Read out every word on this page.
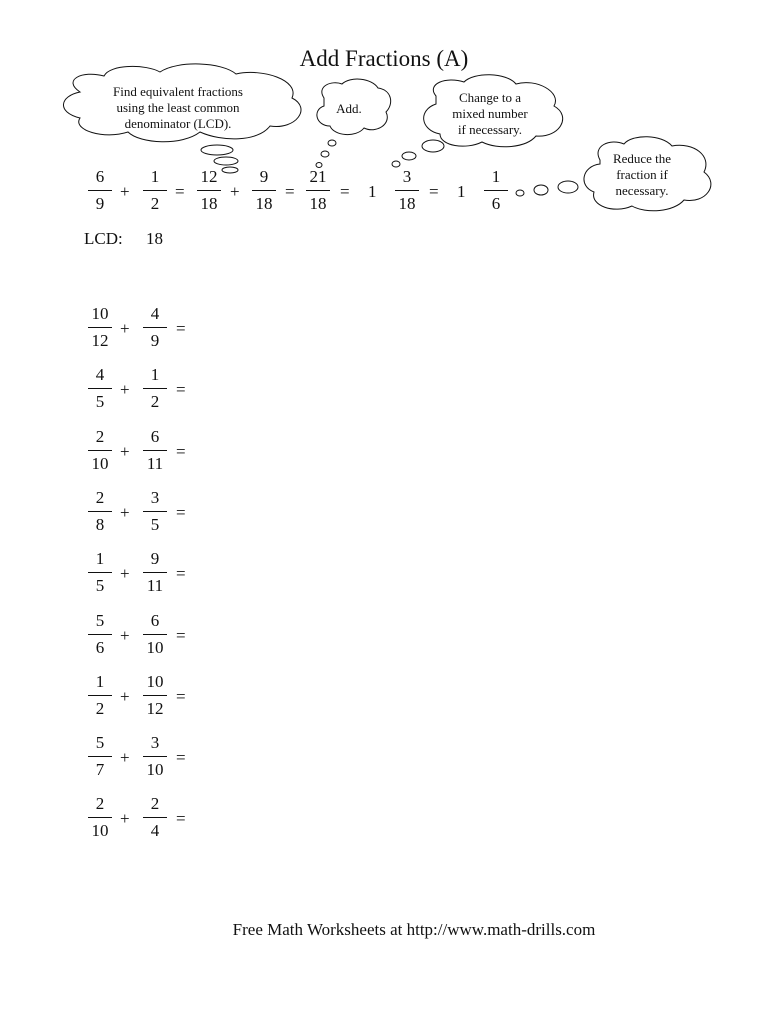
Add Fractions (A)
Find equivalent fractions
using the least common
denominator (LCD).
Add.
Change to a
mixed number
if necessary.
Reduce the
fraction if
necessary.
6
9
+
1
2
=
12
18
+
9
18
=
21
18
= 1
3
18
= 1
1
6
LCD: 18
10
12
+
4
9
=
4
5
+
1
2
=
2
10
+
6
11
=
2
8
+
3
5
=
1
5
+
9
11
=
5
6
+
6
10
=
1
2
+
10
12
=
5
7
+
3
10
=
2
10
+
2
4
=
Free Math Worksheets at http://www.math-drills.com
